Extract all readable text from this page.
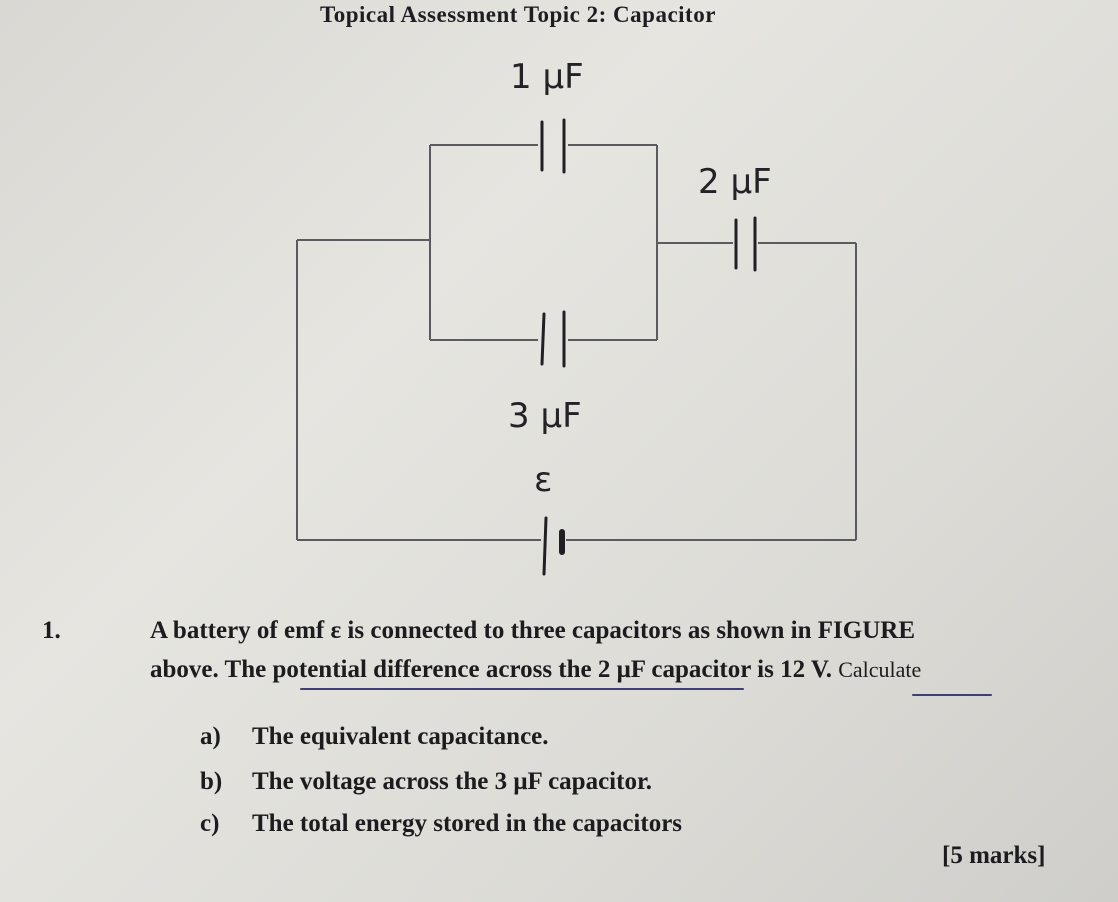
Topical Assessment Topic 2: Capacitor
1 μF
2 μF
3 μF
ε
1.	A battery of emf ε is connected to three capacitors as shown in FIGURE
above. The potential difference across the 2 μF capacitor is 12 V. Calculate
a) The equivalent capacitance.
b) The voltage across the 3 μF capacitor.
c) The total energy stored in the capacitors
[5 marks]
